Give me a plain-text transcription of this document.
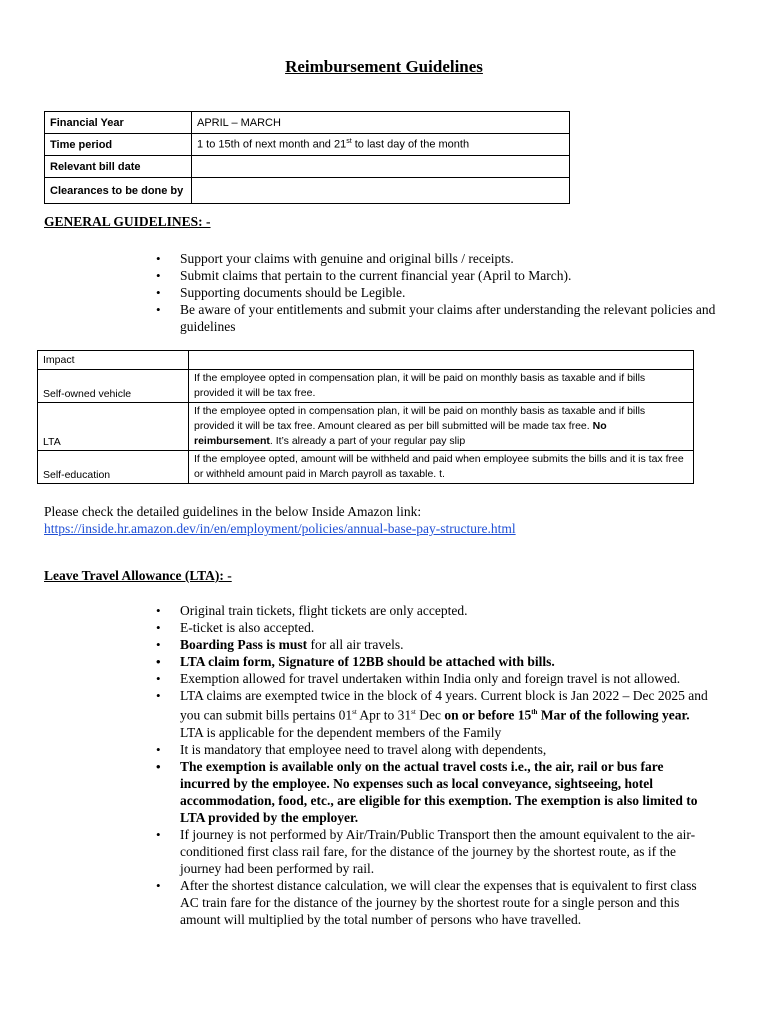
Reimbursement Guidelines
Financial Year	APRIL – MARCH
Time period	1 to 15th of next month and 21st to last day of the month
Relevant bill date	
Clearances to be done by	
GENERAL GUIDELINES: -
• Support your claims with genuine and original bills / receipts.
• Submit claims that pertain to the current financial year (April to March).
• Supporting documents should be Legible.
• Be aware of your entitlements and submit your claims after understanding the relevant policies and guidelines
Impact	
Self-owned vehicle	If the employee opted in compensation plan, it will be paid on monthly basis as taxable and if bills provided it will be tax free.
LTA	If the employee opted in compensation plan, it will be paid on monthly basis as taxable and if bills provided it will be tax free. Amount cleared as per bill submitted will be made tax free. No reimbursement. It’s already a part of your regular pay slip
Self-education	If the employee opted, amount will be withheld and paid when employee submits the bills and it is tax free or withheld amount paid in March payroll as taxable. t.
Please check the detailed guidelines in the below Inside Amazon link:
https://inside.hr.amazon.dev/in/en/employment/policies/annual-base-pay-structure.html
Leave Travel Allowance (LTA): -
• Original train tickets, flight tickets are only accepted.
• E-ticket is also accepted.
• Boarding Pass is must for all air travels.
• LTA claim form, Signature of 12BB should be attached with bills.
• Exemption allowed for travel undertaken within India only and foreign travel is not allowed.
• LTA claims are exempted twice in the block of 4 years. Current block is Jan 2022 – Dec 2025 and you can submit bills pertains 01st Apr to 31st Dec on or before 15th Mar of the following year. LTA is applicable for the dependent members of the Family
• It is mandatory that employee need to travel along with dependents,
• The exemption is available only on the actual travel costs i.e., the air, rail or bus fare incurred by the employee. No expenses such as local conveyance, sightseeing, hotel accommodation, food, etc., are eligible for this exemption. The exemption is also limited to LTA provided by the employer.
• If journey is not performed by Air/Train/Public Transport then the amount equivalent to the air-conditioned first class rail fare, for the distance of the journey by the shortest route, as if the journey had been performed by rail.
• After the shortest distance calculation, we will clear the expenses that is equivalent to first class AC train fare for the distance of the journey by the shortest route for a single person and this amount will multiplied by the total number of persons who have travelled.
